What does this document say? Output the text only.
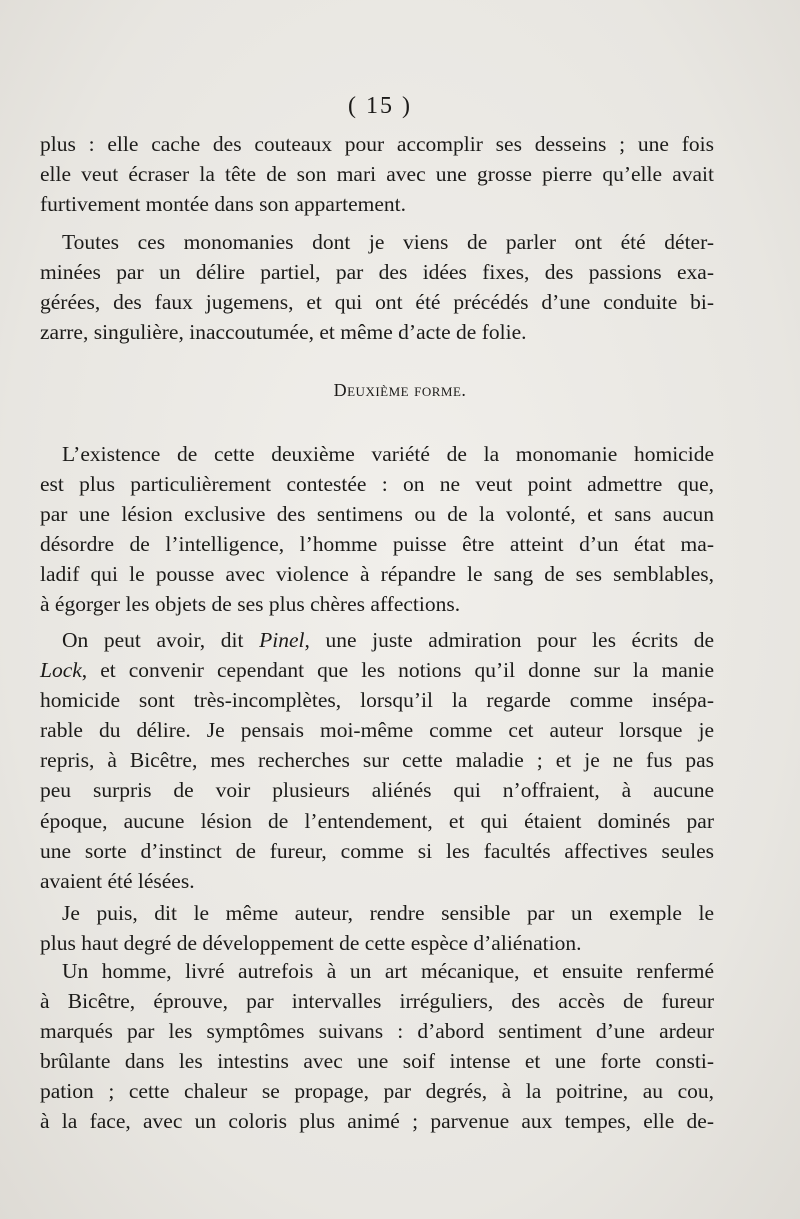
( 15 )
plus : elle cache des couteaux pour accomplir ses desseins ; une fois
elle veut écraser la tête de son mari avec une grosse pierre qu’elle avait
furtivement montée dans son appartement.
Toutes ces monomanies dont je viens de parler ont été déter-
minées par un délire partiel, par des idées fixes, des passions exa-
gérées, des faux jugemens, et qui ont été précédés d’une conduite bi-
zarre, singulière, inaccoutumée, et même d’acte de folie.
Deuxième forme.
L’existence de cette deuxième variété de la monomanie homicide
est plus particulièrement contestée : on ne veut point admettre que,
par une lésion exclusive des sentimens ou de la volonté, et sans aucun
désordre de l’intelligence, l’homme puisse être atteint d’un état ma-
ladif qui le pousse avec violence à répandre le sang de ses semblables,
à égorger les objets de ses plus chères affections.
On peut avoir, dit Pinel, une juste admiration pour les écrits de
Lock, et convenir cependant que les notions qu’il donne sur la manie
homicide sont très-incomplètes, lorsqu’il la regarde comme insépa-
rable du délire. Je pensais moi-même comme cet auteur lorsque je
repris, à Bicêtre, mes recherches sur cette maladie ; et je ne fus pas
peu surpris de voir plusieurs aliénés qui n’offraient, à aucune
époque, aucune lésion de l’entendement, et qui étaient dominés par
une sorte d’instinct de fureur, comme si les facultés affectives seules
avaient été lésées.
Je puis, dit le même auteur, rendre sensible par un exemple le
plus haut degré de développement de cette espèce d’aliénation.
Un homme, livré autrefois à un art mécanique, et ensuite renfermé
à Bicêtre, éprouve, par intervalles irréguliers, des accès de fureur
marqués par les symptômes suivans : d’abord sentiment d’une ardeur
brûlante dans les intestins avec une soif intense et une forte consti-
pation ; cette chaleur se propage, par degrés, à la poitrine, au cou,
à la face, avec un coloris plus animé ; parvenue aux tempes, elle de-
